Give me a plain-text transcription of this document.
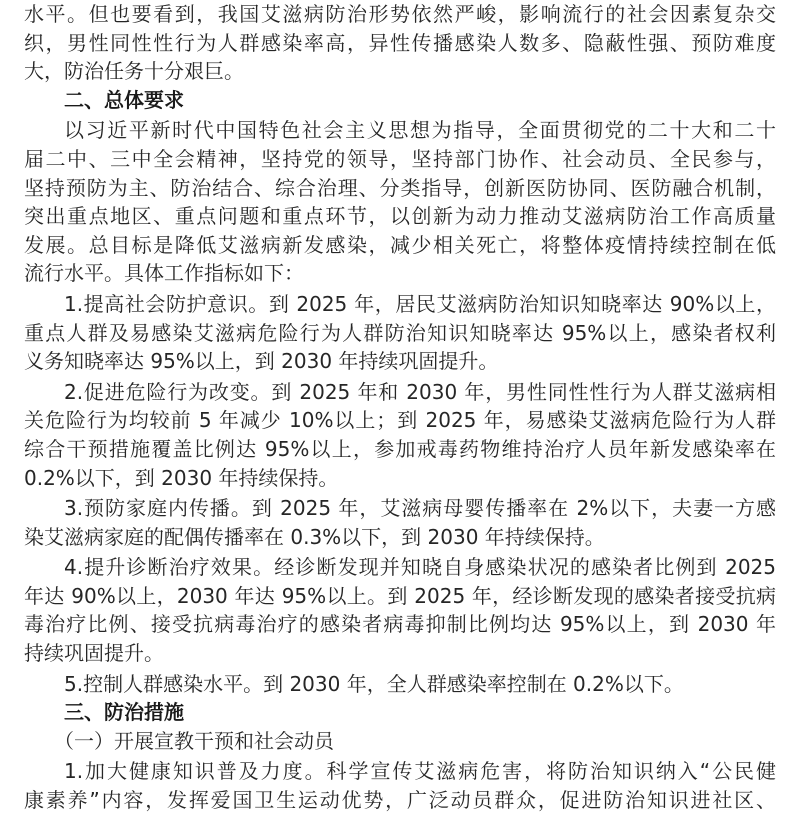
水平。但也要看到，我国艾滋病防治形势依然严峻，影响流行的社会因素复杂交
织，男性同性性行为人群感染率高，异性传播感染人数多、隐蔽性强、预防难度
大，防治任务十分艰巨。
二、总体要求
以习近平新时代中国特色社会主义思想为指导，全面贯彻党的二十大和二十
届二中、三中全会精神，坚持党的领导，坚持部门协作、社会动员、全民参与，
坚持预防为主、防治结合、综合治理、分类指导，创新医防协同、医防融合机制，
突出重点地区、重点问题和重点环节，以创新为动力推动艾滋病防治工作高质量
发展。总目标是降低艾滋病新发感染，减少相关死亡，将整体疫情持续控制在低
流行水平。具体工作指标如下：
1.提高社会防护意识。到 2025 年，居民艾滋病防治知识知晓率达 90%以上，
重点人群及易感染艾滋病危险行为人群防治知识知晓率达 95%以上，感染者权利
义务知晓率达 95%以上，到 2030 年持续巩固提升。
2.促进危险行为改变。到 2025 年和 2030 年，男性同性性行为人群艾滋病相
关危险行为均较前 5 年减少 10%以上；到 2025 年，易感染艾滋病危险行为人群
综合干预措施覆盖比例达 95%以上，参加戒毒药物维持治疗人员年新发感染率在
0.2%以下，到 2030 年持续保持。
3.预防家庭内传播。到 2025 年，艾滋病母婴传播率在 2%以下，夫妻一方感
染艾滋病家庭的配偶传播率在 0.3%以下，到 2030 年持续保持。
4.提升诊断治疗效果。经诊断发现并知晓自身感染状况的感染者比例到 2025
年达 90%以上，2030 年达 95%以上。到 2025 年，经诊断发现的感染者接受抗病
毒治疗比例、接受抗病毒治疗的感染者病毒抑制比例均达 95%以上，到 2030 年
持续巩固提升。
5.控制人群感染水平。到 2030 年，全人群感染率控制在 0.2%以下。
三、防治措施
（一）开展宣教干预和社会动员
1.加大健康知识普及力度。科学宣传艾滋病危害，将防治知识纳入“公民健
康素养”内容，发挥爱国卫生运动优势，广泛动员群众，促进防治知识进社区、
